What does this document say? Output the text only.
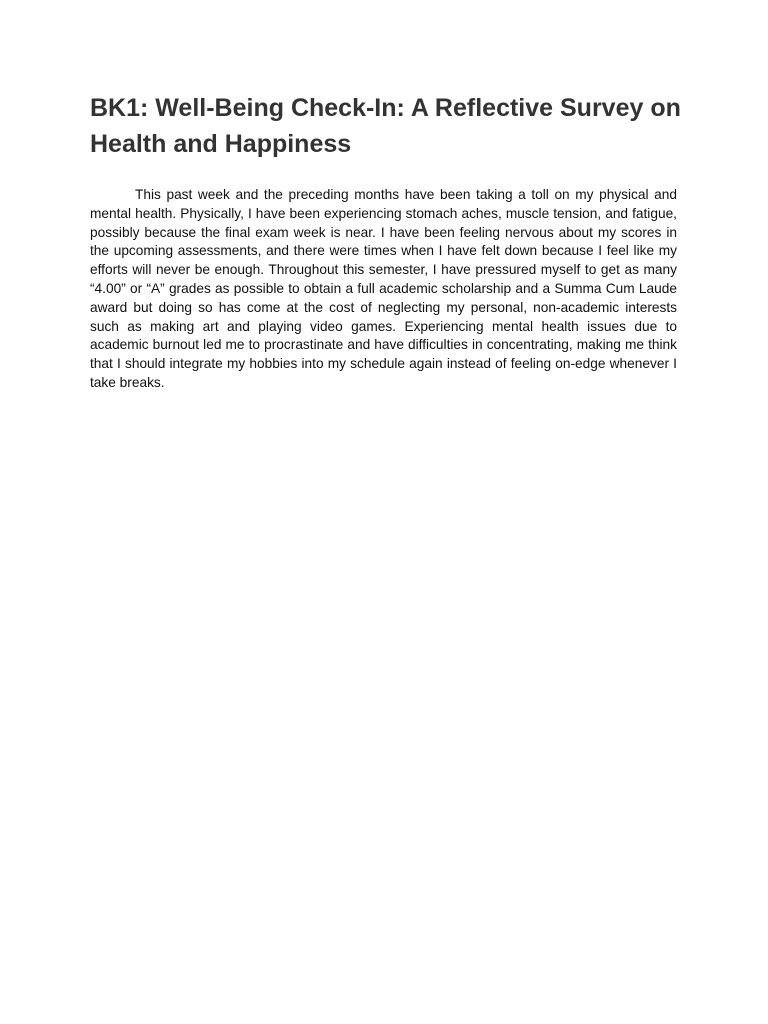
BK1: Well-Being Check-In: A Reflective Survey on Health and Happiness

This past week and the preceding months have been taking a toll on my physical and mental health. Physically, I have been experiencing stomach aches, muscle tension, and fatigue, possibly because the final exam week is near. I have been feeling nervous about my scores in the upcoming assessments, and there were times when I have felt down because I feel like my efforts will never be enough. Throughout this semester, I have pressured myself to get as many “4.00” or “A” grades as possible to obtain a full academic scholarship and a Summa Cum Laude award but doing so has come at the cost of neglecting my personal, non-academic interests such as making art and playing video games. Experiencing mental health issues due to academic burnout led me to procrastinate and have difficulties in concentrating, making me think that I should integrate my hobbies into my schedule again instead of feeling on-edge whenever I take breaks.
